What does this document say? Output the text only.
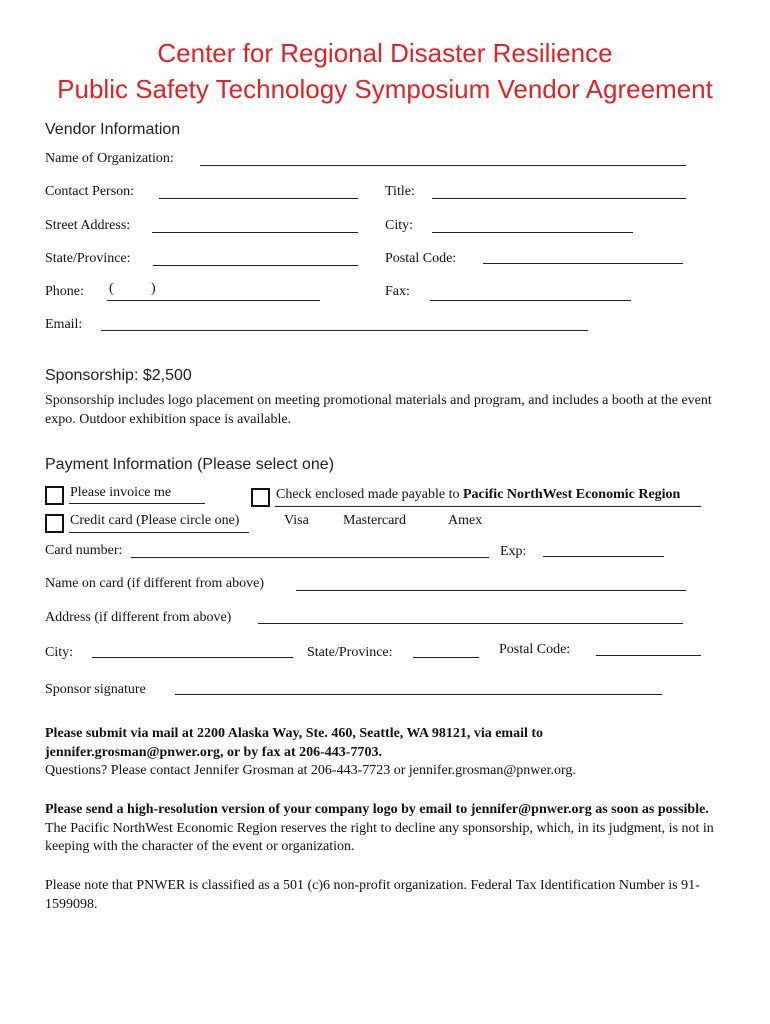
Center for Regional Disaster Resilience
Public Safety Technology Symposium Vendor Agreement
Vendor Information
Name of Organization:
Contact Person:	Title:
Street Address:	City:
State/Province:	Postal Code:
Phone: (	)	Fax:
Email:
Sponsorship: $2,500
Sponsorship includes logo placement on meeting promotional materials and program, and includes a booth at the event expo. Outdoor exhibition space is available.
Payment Information (Please select one)
Please invoice me	Check enclosed made payable to Pacific NorthWest Economic Region
Credit card (Please circle one)	Visa Mastercard	Amex
Card number:	Exp:
Name on card (if different from above)
Address (if different from above)
City:	State/Province:	Postal Code:
Sponsor signature
Please submit via mail at 2200 Alaska Way, Ste. 460, Seattle, WA 98121, via email to jennifer.grosman@pnwer.org, or by fax at 206-443-7703.
Questions? Please contact Jennifer Grosman at 206-443-7723 or jennifer.grosman@pnwer.org.
Please send a high-resolution version of your company logo by email to jennifer@pnwer.org as soon as possible. The Pacific NorthWest Economic Region reserves the right to decline any sponsorship, which, in its judgment, is not in keeping with the character of the event or organization.
Please note that PNWER is classified as a 501 (c)6 non-profit organization. Federal Tax Identification Number is 91-1599098.
